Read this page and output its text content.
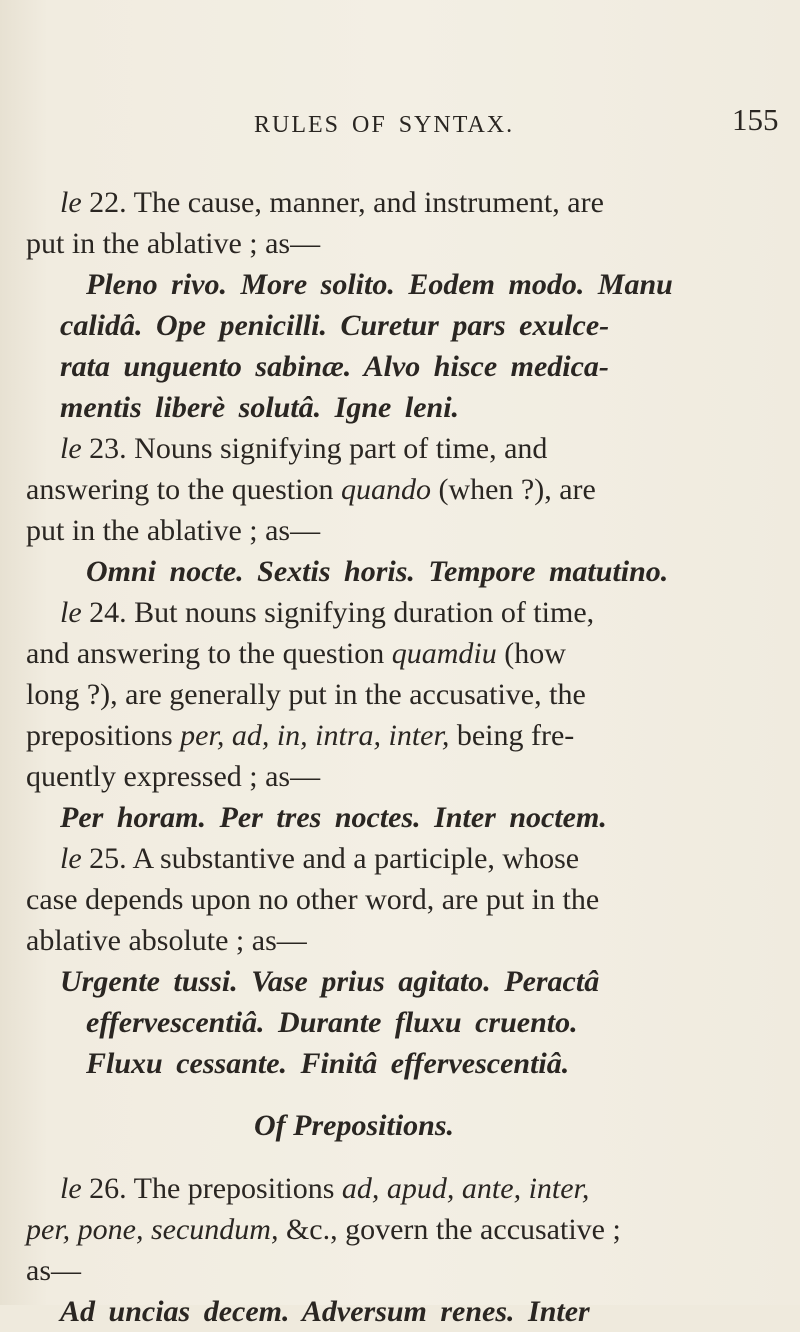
RULES OF SYNTAX.	155
le 22. The cause, manner, and instrument, are
put in the ablative ; as—
Pleno rivo. More solito. Eodem modo. Manu
calidâ. Ope penicilli. Curetur pars exulce-
rata unguento sabinæ. Alvo hisce medica-
mentis liberè solutâ. Igne leni.
le 23. Nouns signifying part of time, and
answering to the question quando (when ?), are
put in the ablative ; as—
Omni nocte. Sextis horis. Tempore matutino.
le 24. But nouns signifying duration of time,
and answering to the question quamdiu (how
long ?), are generally put in the accusative, the
prepositions per, ad, in, intra, inter, being fre-
quently expressed ; as—
Per horam. Per tres noctes. Inter noctem.
le 25. A substantive and a participle, whose
case depends upon no other word, are put in the
ablative absolute ; as—
Urgente tussi. Vase prius agitato. Peractâ
effervescentiâ. Durante fluxu cruento.
Fluxu cessante. Finitâ effervescentiâ.
Of Prepositions.
le 26. The prepositions ad, apud, ante, inter,
per, pone, secundum, &c., govern the accusative ;
as—
Ad uncias decem. Adversum renes. Inter
